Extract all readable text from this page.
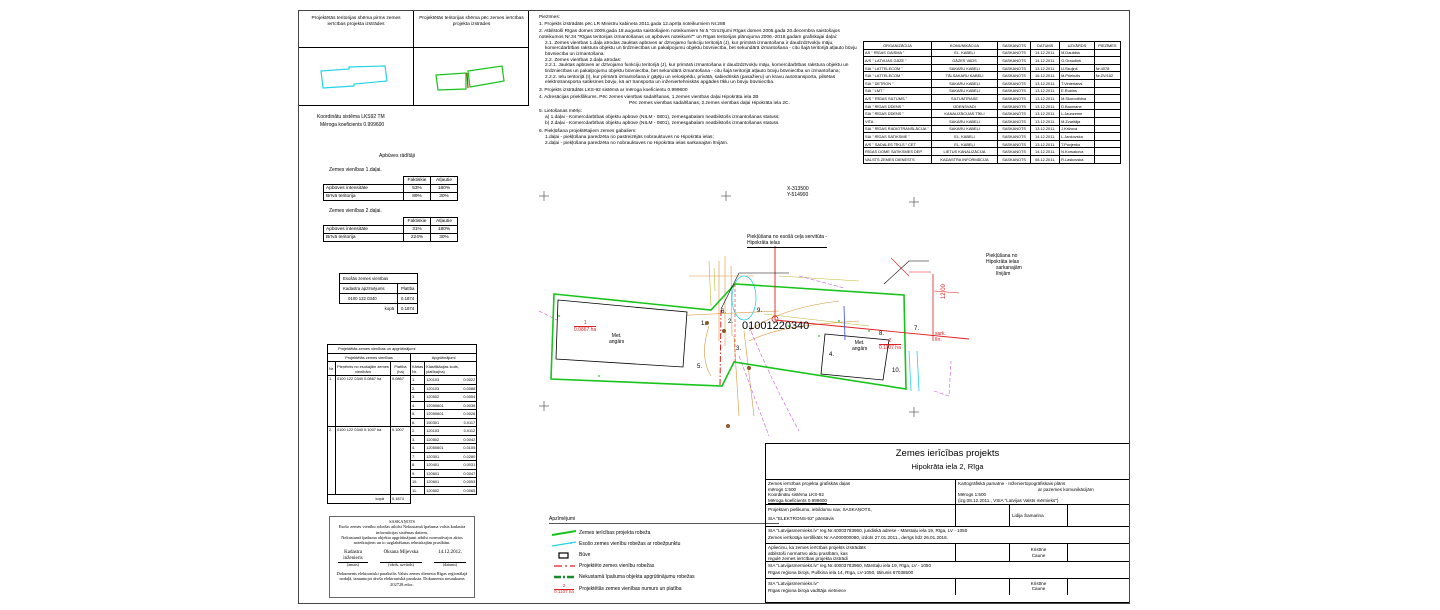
Projektētās teritorijas shēma pirms zemes ierīcības projekta izstrādes
Projektētās teritorijas shēma pēc zemes ierīcības projekta izstrādes
Koordinātu sistēma LKS92 TM
Mēroga koeficients 0.999600

Piezīmes:

1. Projekts izstrādāts pēc LR Ministru kabineta 2011.gada 12.aprīļa noteikumiem Nr.288

2. Atbilstoši Rīgas domes 2009.gada 18.augusta saistošajiem noteikumiem Nr.5 "Grozījumi Rīgas domes 2005.gada 20.decembra saistošajos noteikumos Nr.34 "Rīgas teritorijas izmantošanas un apbūves noteikumi"" un Rīgas teritorijas plānojuma 2006.-2018.gadam grafiskajai daļai:

2.1. Zemes vienības 1.daļa atrodas Jauktas apbūves ar dzīvojamo funkciju teritorijā (J), kur primārā izmantošana ir daudzdzīvokļu māju, komercdarbības rakstura objektu un tirdzniecības un pakalpojumu objektu būvniecība, bet sekundārā izmantošana - citu šajā teritorijā atļauto būvju būvniecība un izmantošana:

2.2. Zemes vienības 2.daļa atrodas:

2.2.1. Jauktas apbūves ar dzīvojamo funkciju teritorijā (J), kur primārā izmantošana ir daudzdzīvokļu māju, komercdarbības rakstura objektu un tirdzniecības un pakalpojumu objektu būvniecība, bet sekundārā izmantošana - citu šajā teritorijā atļauto būvju būvniecība un izmantošana;

2.2.2. Ielu teritorijā (I), kur primārā izmantošana ir gājēju un velosipēdu, privātā, sabiedriskā (pasažieru) un kravu autotransporta, pilsētas elektrotransporta satiksmes būvju, kā arī transporta un inženiertehniskās apgādes tīklu un būvju būvniecība.

3. Projekts izstrādāts LKS-92 sistēmā ar mēroga koeficientu 0.999600

4. Adresācijas priekšlikums. Pēc zemes vienības sadalīšanas, 1.zemes vienības daļai Hipokrāta iela 2B

Pēc zemes vienības sadalīšanas, 2.zemes vienības daļai Hipokrāta iela 2C.

5. Lietošanas mērķi:

a) 1.daļai - Komercdarbības objektu apbūve (NILM - 0801), zemesgabalam neatbilstošs izmantošanas statuss;

b) 2.daļai - Komercdarbības objektu apbūve (NILM - 0801), zemesgabalam neatbilstošs izmantošanas statuss.

6. Piekļūšana projektētajiem zemes gabaliem:

1.daļai - piekļūšana paredzēta no pastreizējās nobrauktuves no Hipokrāta ielas;

2.daļai - piekļūšana paredzēta no nobrauktuves no Hipokrāta ielas sarkanajām līnijām.

ORGANIZĀCIJA	KOMUNIKĀCIJA	SASKAŅOTS	DATUMS	UZVĀRDS	PIEZĪMES
AS " RĪGAS GAISMA "	EL. KABEĻI	SASKAŅOTS	14.12.2011.	M.Daukšta	
A/S " LATVIJAS GĀZE "	GĀZES VADS	SASKAŅOTS	14.12.2011.	G.Graudiņš	
SIA " LATTELECOM "	SAKARU KABEĻI	SASKAŅOTS	13.12.2011.	U.Skujiņš	Nr.4078
SIA " LATTELECOM "	TĀLSAKARU KABEĻI	SASKAŅOTS	16.12.2011.	M.Priekulis	Nr.ZV/152
SIA " DETRON "	SAKARU KABEĻI	SASKAŅOTS	13.12.2011.	T.Vintertaivs	
SIA " LMT "	SAKARU KABEĻI	SASKAŅOTS	13.12.2011.	E.Rubins	
A/S " RĪGAS SILTUMS "	SILTUMTRASE	SASKAŅOTS	13.12.2011.	M.Skorodihina	
SIA " RĪGAS ŪDENS "	ŪDENSVADI	SASKAŅOTS	13.12.2011.	D.Baumane	
SIA " RĪGAS ŪDENS "	KANALIZĀCIJAS TĪKLI	SASKAŅOTS	13.12.2011.	L.Jaunzeme	
VITA	SAKARU KABEĻI	SASKAŅOTS	13.12.2011.	M.Zvaritāja	
SIA " RĪGAS RADIOTRANSLĀCIJA "	SAKARU KABEĻI	SASKAŅOTS	13.12.2011.	J.Križova	
SIA " RĪGAS SATIKSME "	EL. KABEĻI	SASKAŅOTS	14.12.2011.	L.Jankovska	
A/S " SADALES TĪKLS " CET	EL. KABEĻI	SASKAŅOTS	13.12.2011.	T.Povjenko	
RĪGAS DOME SATIKSMES DEP.	LIETUS KANALIZĀCIJA	SASKAŅOTS	14.12.2011.	N.Korsakova	
VALSTS ZEMES DIENESTS	KADASTRA INFORMĀCIJA	SASKAŅOTS	08.12.2011.	R.Laskovska	
Apbūves rādītāji
Zemes vienības 1.daļai.
	Faktiskie	Atļautie
Apbūves intensitāte	53%	180%
Brīvā teritorija	89%	30%
Zemes vienības 2.daļai.
	Faktiskie	Atļautie
Apbūves intensitāte	31%	180%
Brīvā teritorija	224%	30%
Esošās zemes vienības	
Kadastra apzīmējums	Platība
0100 122 0340	0.1874
kopā	0.1874
Projektētās zemes vienības un apgrūtinājumi					
Projektētās zemes vienības			Apgrūtinājumi		
Nr.	Pieņēmis no esošajām zemes vienībām	Platība (ha)	Kārtas Nr.	Klasifikācijas kods, platība(ha)	
1.	0100 122 0340 0.0867 ha	0.0867	1.	120103	0.0022
			2.	120103	0.0088
			3.	120502	0.0054
			4.	12050601	0.0036
			5.	12050601	0.0026
			6.	150301	0.0117
2.	0100 122 0340 0.1007 ha	0.1007	2.	120103	0.0112
			3.	120502	0.0042
			4.	12050601	0.0105
			7.	120301	0.0280
			8.	120401	0.0031
			9.	120601	0.0047
			10.	120601	0.0053
			11.	120502	0.0065
kopā		0.1874			
SASKAŅOTS
Esošo zemes vienību robežas atbilst Nekustamā īpašuma valsts kadastra informācijas sistēmas datiem.
Nekustamā īpašuma objekta apgrūtinājumi atbilst normatīvajos aktos noteiktajiem un to uzglabāšanas tehniskajām prasībām.
Kadastra inženieris
Oksana Mijevska	14.12.2012.
(amats)	(vārds, uzvārds)	(datums)
Dokuments elektroniski parakstīts Valsts zemes dienesta Rīgas reģionālajā nodaļā, izmantojot droša elektroniskā paraksta. Dokumenta nosaukums 202728.edoc.
Apzīmējumi
Zemes ierīcības projekta robeža
Esošo zemes vienību robežas ar robežpunktu
Būve
Projektēto zemes vienību robežas
Nekustamā īpašuma objekta apgrūtinājumu robežas
2
0.1107 ha Projektētās zemes vienības numurs un platība
X-313500
Y-514900
Piekļūšana no esošā ceļa servitūta -
Hipokrāta ielas
Piekļūšana no Hipokrāta ielas
sarkanajām līnijām
01001220340
1
0.0867 ha
2
0.1107 ha
Met.
angārs	Met.
angārs
sark.
līn.
12.00
1.	2.
3.
4.
5.
6.
7.
8.
9.
10.
Zemes ierīcības projekts
Hipokrāta iela 2, Rīga
Zemes ierīcības projekta grafiskās daļas
mērogs 1:500
Koordinātu sistēma LKS-92
Mēroga koeficients 0.999600
Kartogrāfiskā pamatne - Inženiertopogrāfiskais plāns
ar pazemes komunikācijām
Mērogs 1:500
(izg.08.12.2011., VSIA "Latvijas Valsts mērnieks")
Projektam pielikumu, iebildumu nav, SASKAŅOTS,
SIA "ELEKTRONS-92" pārstāvis
Lidija Šamarina
SIA "Latvijasmernieks.lv" reg.Nr.40003783960, juridiskā adrese - Mārstaļu iela 19, Rīga, LV - 1050
Zemes ierīkotāja sertifikāts Nr.AA000000080, izdots 27.01.2011., derīgs līdz 26.01.2016.
Apliecinu, ka zemes ierīcības projekts izstrādāts
atbilstoši normatīvo aktu prasībām, kas
regulē zemes ierīcības projekta izstrādi
Kristīne
Caune
SIA "Latvijasmernieks.lv" reg.Nr.40003783960, Mārstaļu iela 19, Rīga, LV - 1050
Rīgas reģiona birojs, Puškina iela 14, Rīga, LV-1050, tālrunis 67038500
SIA "Latvijasmernieks.lv"
Rīgas reģiona biroja vadītāja vietniece
Kristīne
Caune
